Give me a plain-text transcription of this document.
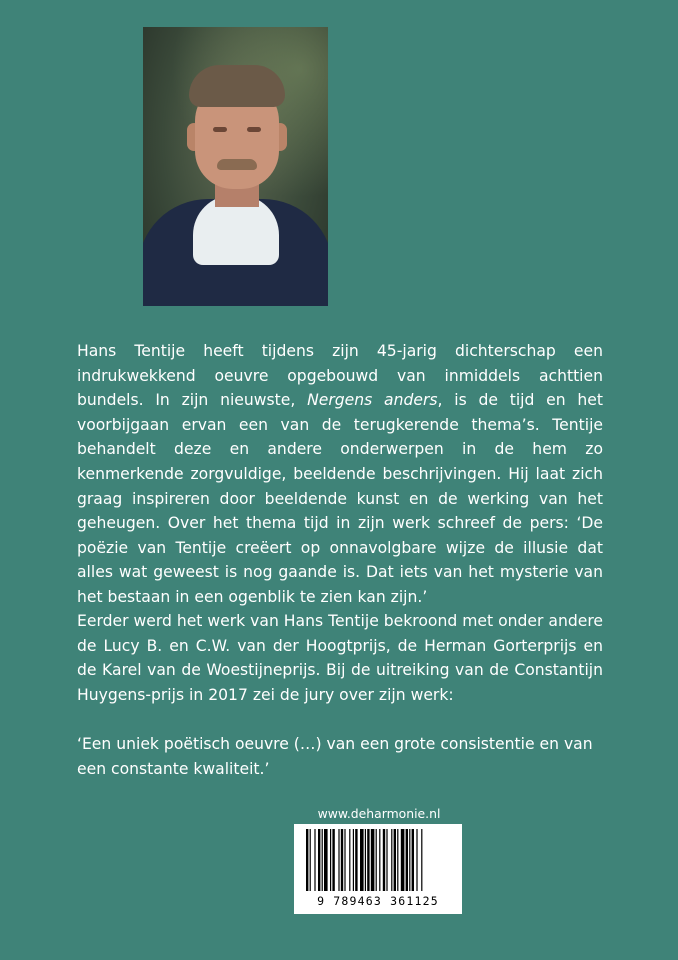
Hans Tentije heeft tijdens zijn 45-jarig dichterschap een indrukwekkend oeuvre opgebouwd van inmiddels achttien bundels. In zijn nieuwste, Nergens anders, is de tijd en het voorbijgaan ervan een van de terugkerende thema’s. Tentije behandelt deze en andere onderwerpen in de hem zo kenmerkende zorgvuldige, beeldende beschrijvingen. Hij laat zich graag inspireren door beeldende kunst en de werking van het geheugen. Over het thema tijd in zijn werk schreef de pers: ‘De poëzie van Tentije creëert op onnavolgbare wijze de illusie dat alles wat geweest is nog gaande is. Dat iets van het mysterie van het bestaan in een ogenblik te zien kan zijn.’

Eerder werd het werk van Hans Tentije bekroond met onder andere de Lucy B. en C.W. van der Hoogtprijs, de Herman Gorterprijs en de Karel van de Woestijneprijs. Bij de uitreiking van de Constantijn Huygens-prijs in 2017 zei de jury over zijn werk:

‘Een uniek poëtisch oeuvre (…) van een grote consistentie en van een constante kwaliteit.’

www.deharmonie.nl
9 789463 361125
